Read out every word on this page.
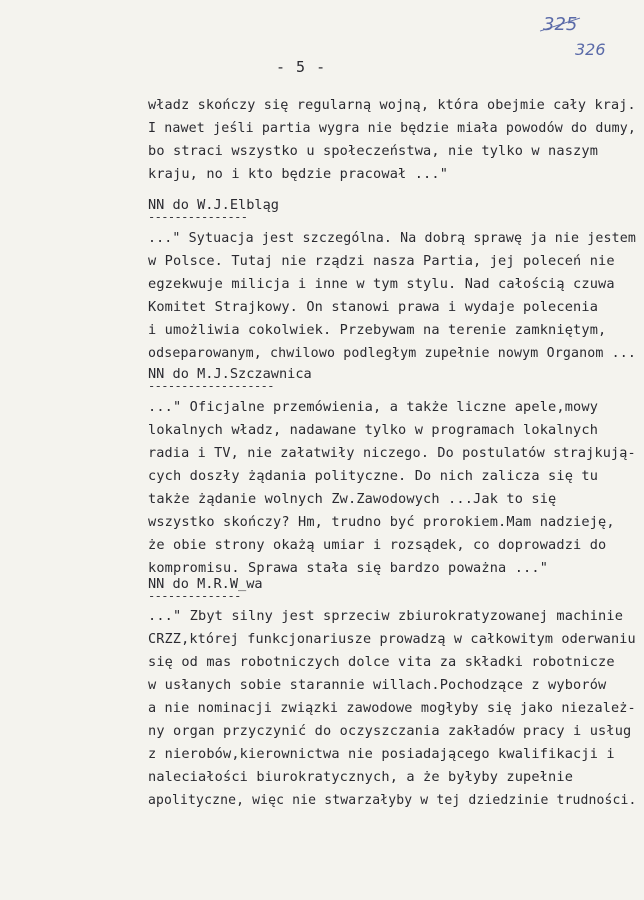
325
326
- 5 -
władz skończy się regularną wojną, która obejmie cały kraj.
I nawet jeśli partia wygra nie będzie miała powodów do dumy,
bo straci wszystko u społeczeństwa, nie tylko w naszym
kraju, no i kto będzie pracował ..."
NN do W.J.Elbląg
---------------
..." Sytuacja jest szczególna. Na dobrą sprawę ja nie jestem
w Polsce. Tutaj nie rządzi nasza Partia, jej poleceń nie
egzekwuje milicja i inne w tym stylu. Nad całością czuwa
Komitet Strajkowy. On stanowi prawa i wydaje polecenia
i umożliwia cokolwiek. Przebywam na terenie zamkniętym,
odseparowanym, chwilowo podległym zupełnie nowym Organom ...
NN do M.J.Szczawnica
-------------------
..." Oficjalne przemówienia, a także liczne apele,mowy
lokalnych władz, nadawane tylko w programach lokalnych
radia i TV, nie załatwiły niczego. Do postulatów strajkują-
cych doszły żądania polityczne. Do nich zalicza się tu
także żądanie wolnych Zw.Zawodowych ...Jak to się
wszystko skończy? Hm, trudno być prorokiem.Mam nadzieję,
że obie strony okażą umiar i rozsądek, co doprowadzi do
kompromisu. Sprawa stała się bardzo poważna ..."
NN do M.R.W_wa
--------------
..." Zbyt silny jest sprzeciw zbiurokratyzowanej machinie
CRZZ,której funkcjonariusze prowadzą w całkowitym oderwaniu
się od mas robotniczych dolce vita za składki robotnicze
w usłanych sobie starannie willach.Pochodzące z wyborów
a nie nominacji związki zawodowe mogłyby się jako niezależ-
ny organ przyczynić do oczyszczania zakładów pracy i usług
z nierobów,kierownictwa nie posiadającego kwalifikacji i
naleciałości biurokratycznych, a że byłyby zupełnie
apolityczne, więc nie stwarzałyby w tej dziedzinie trudności.
